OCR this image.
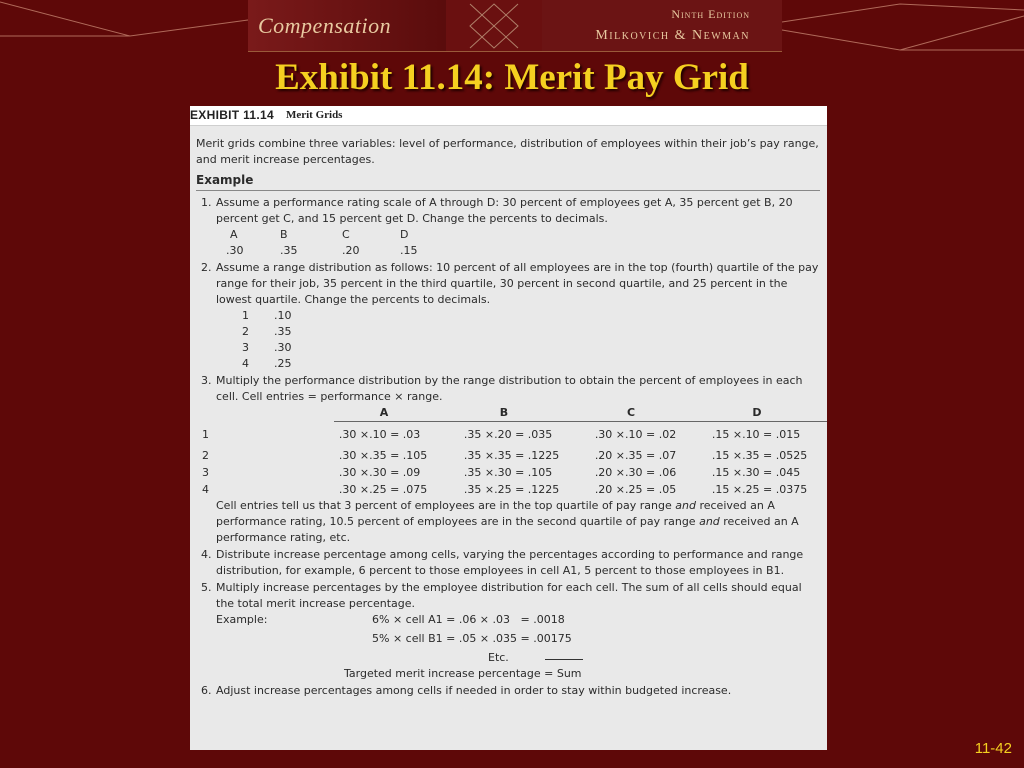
Compensation	Ninth Edition
Milkovich & Newman
Exhibit 11.14: Merit Pay Grid
EXHIBIT 11.14 Merit Grids

Merit grids combine three variables: level of performance, distribution of employees within their job’s pay range, and merit increase percentages.

Example
1. Assume a performance rating scale of A through D: 30 percent of employees get A, 35 percent get B, 20 percent get C, and 15 percent get D. Change the percents to decimals.
A	B	C	D
.30	.35	.20	.15
2. Assume a range distribution as follows: 10 percent of all employees are in the top (fourth) quartile of the pay range for their job, 35 percent in the third quartile, 30 percent in second quartile, and 25 percent in the lowest quartile. Change the percents to decimals.
1	.10
2	.35
3	.30
4	.25
3. Multiply the performance distribution by the range distribution to obtain the percent of employees in each cell. Cell entries = performance × range.
A	B	C	D
1	.30 ×.10 = .03	.35 ×.20 = .035	.30 ×.10 = .02	.15 ×.10 = .015
2	.30 ×.35 = .105	.35 ×.35 = .1225	.20 ×.35 = .07	.15 ×.35 = .0525
3	.30 ×.30 = .09	.35 ×.30 = .105	.20 ×.30 = .06	.15 ×.30 = .045
4	.30 ×.25 = .075	.35 ×.25 = .1225	.20 ×.25 = .05	.15 ×.25 = .0375

Cell entries tell us that 3 percent of employees are in the top quartile of pay range and received an A performance rating, 10.5 percent of employees are in the second quartile of pay range and received an A performance rating, etc.

4. Distribute increase percentage among cells, varying the percentages according to performance and range distribution, for example, 6 percent to those employees in cell A1, 5 percent to those employees in B1.
5. Multiply increase percentages by the employee distribution for each cell. The sum of all cells should equal the total merit increase percentage.
Example:	6% × cell A1 = .06 × .03   = .0018
5% × cell B1 = .05 × .035 = .00175
Etc.
Targeted merit increase percentage = Sum
6. Adjust increase percentages among cells if needed in order to stay within budgeted increase.
11-42
